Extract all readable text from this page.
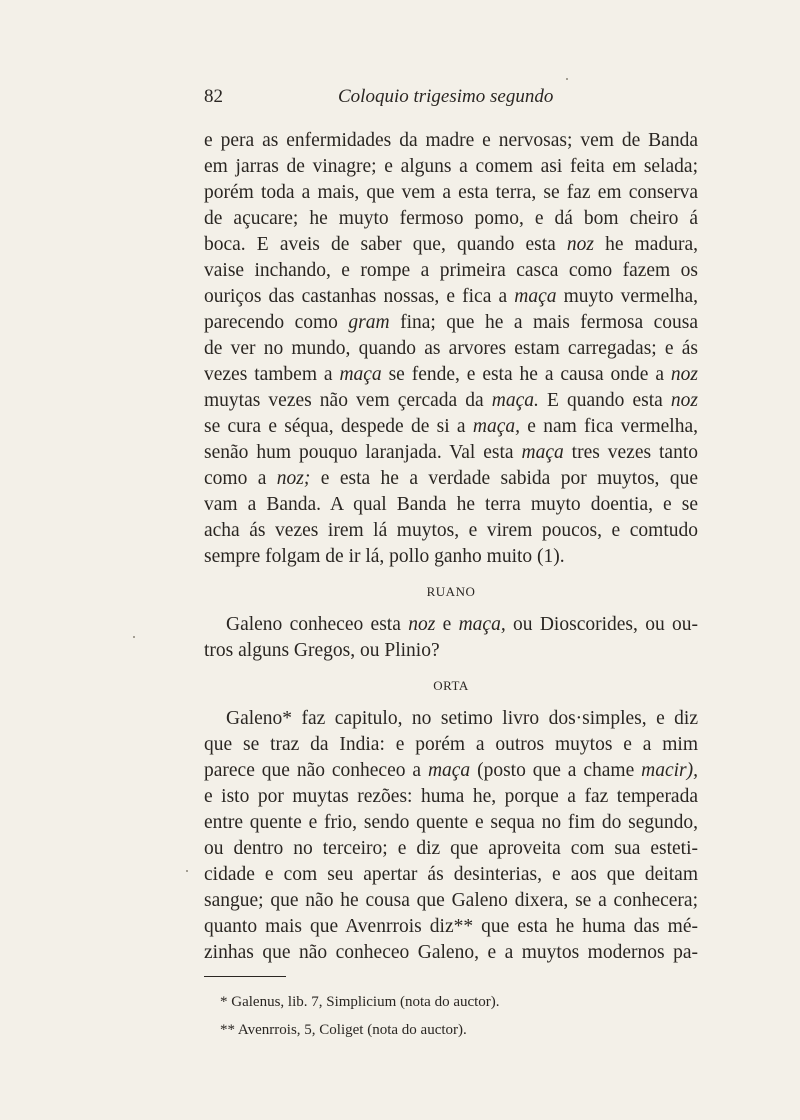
82	Coloquio trigesimo segundo
e pera as enfermidades da madre e nervosas; vem de Banda
em jarras de vinagre; e alguns a comem asi feita em selada;
porém toda a mais, que vem a esta terra, se faz em conserva
de açucare; he muyto fermoso pomo, e dá bom cheiro á
boca. E aveis de saber que, quando esta noz he madura,
vaise inchando, e rompe a primeira casca como fazem os
ouriços das castanhas nossas, e fica a maça muyto vermelha,
parecendo como gram fina; que he a mais fermosa cousa
de ver no mundo, quando as arvores estam carregadas; e ás
vezes tambem a maça se fende, e esta he a causa onde a noz
muytas vezes não vem çercada da maça. E quando esta noz
se cura e séqua, despede de si a maça, e nam fica vermelha,
senão hum pouquo laranjada. Val esta maça tres vezes tanto
como a noz; e esta he a verdade sabida por muytos, que
vam a Banda. A qual Banda he terra muyto doentia, e se
acha ás vezes irem lá muytos, e virem poucos, e comtudo
sempre folgam de ir lá, pollo ganho muito (1).
RUANO
Galeno conheceo esta noz e maça, ou Dioscorides, ou ou-
tros alguns Gregos, ou Plinio?
ORTA
Galeno* faz capitulo, no setimo livro dos·simples, e diz
que se traz da India: e porém a outros muytos e a mim
parece que não conheceo a maça (posto que a chame macir),
e isto por muytas rezões: huma he, porque a faz temperada
entre quente e frio, sendo quente e sequa no fim do segundo,
ou dentro no terceiro; e diz que aproveita com sua esteti-
cidade e com seu apertar ás desinterias, e aos que deitam
sangue; que não he cousa que Galeno dixera, se a conhecera;
quanto mais que Avenrrois diz** que esta he huma das mé-
zinhas que não conheceo Galeno, e a muytos modernos pa-
* Galenus, lib. 7, Simplicium (nota do auctor).
** Avenrrois, 5, Coliget (nota do auctor).
